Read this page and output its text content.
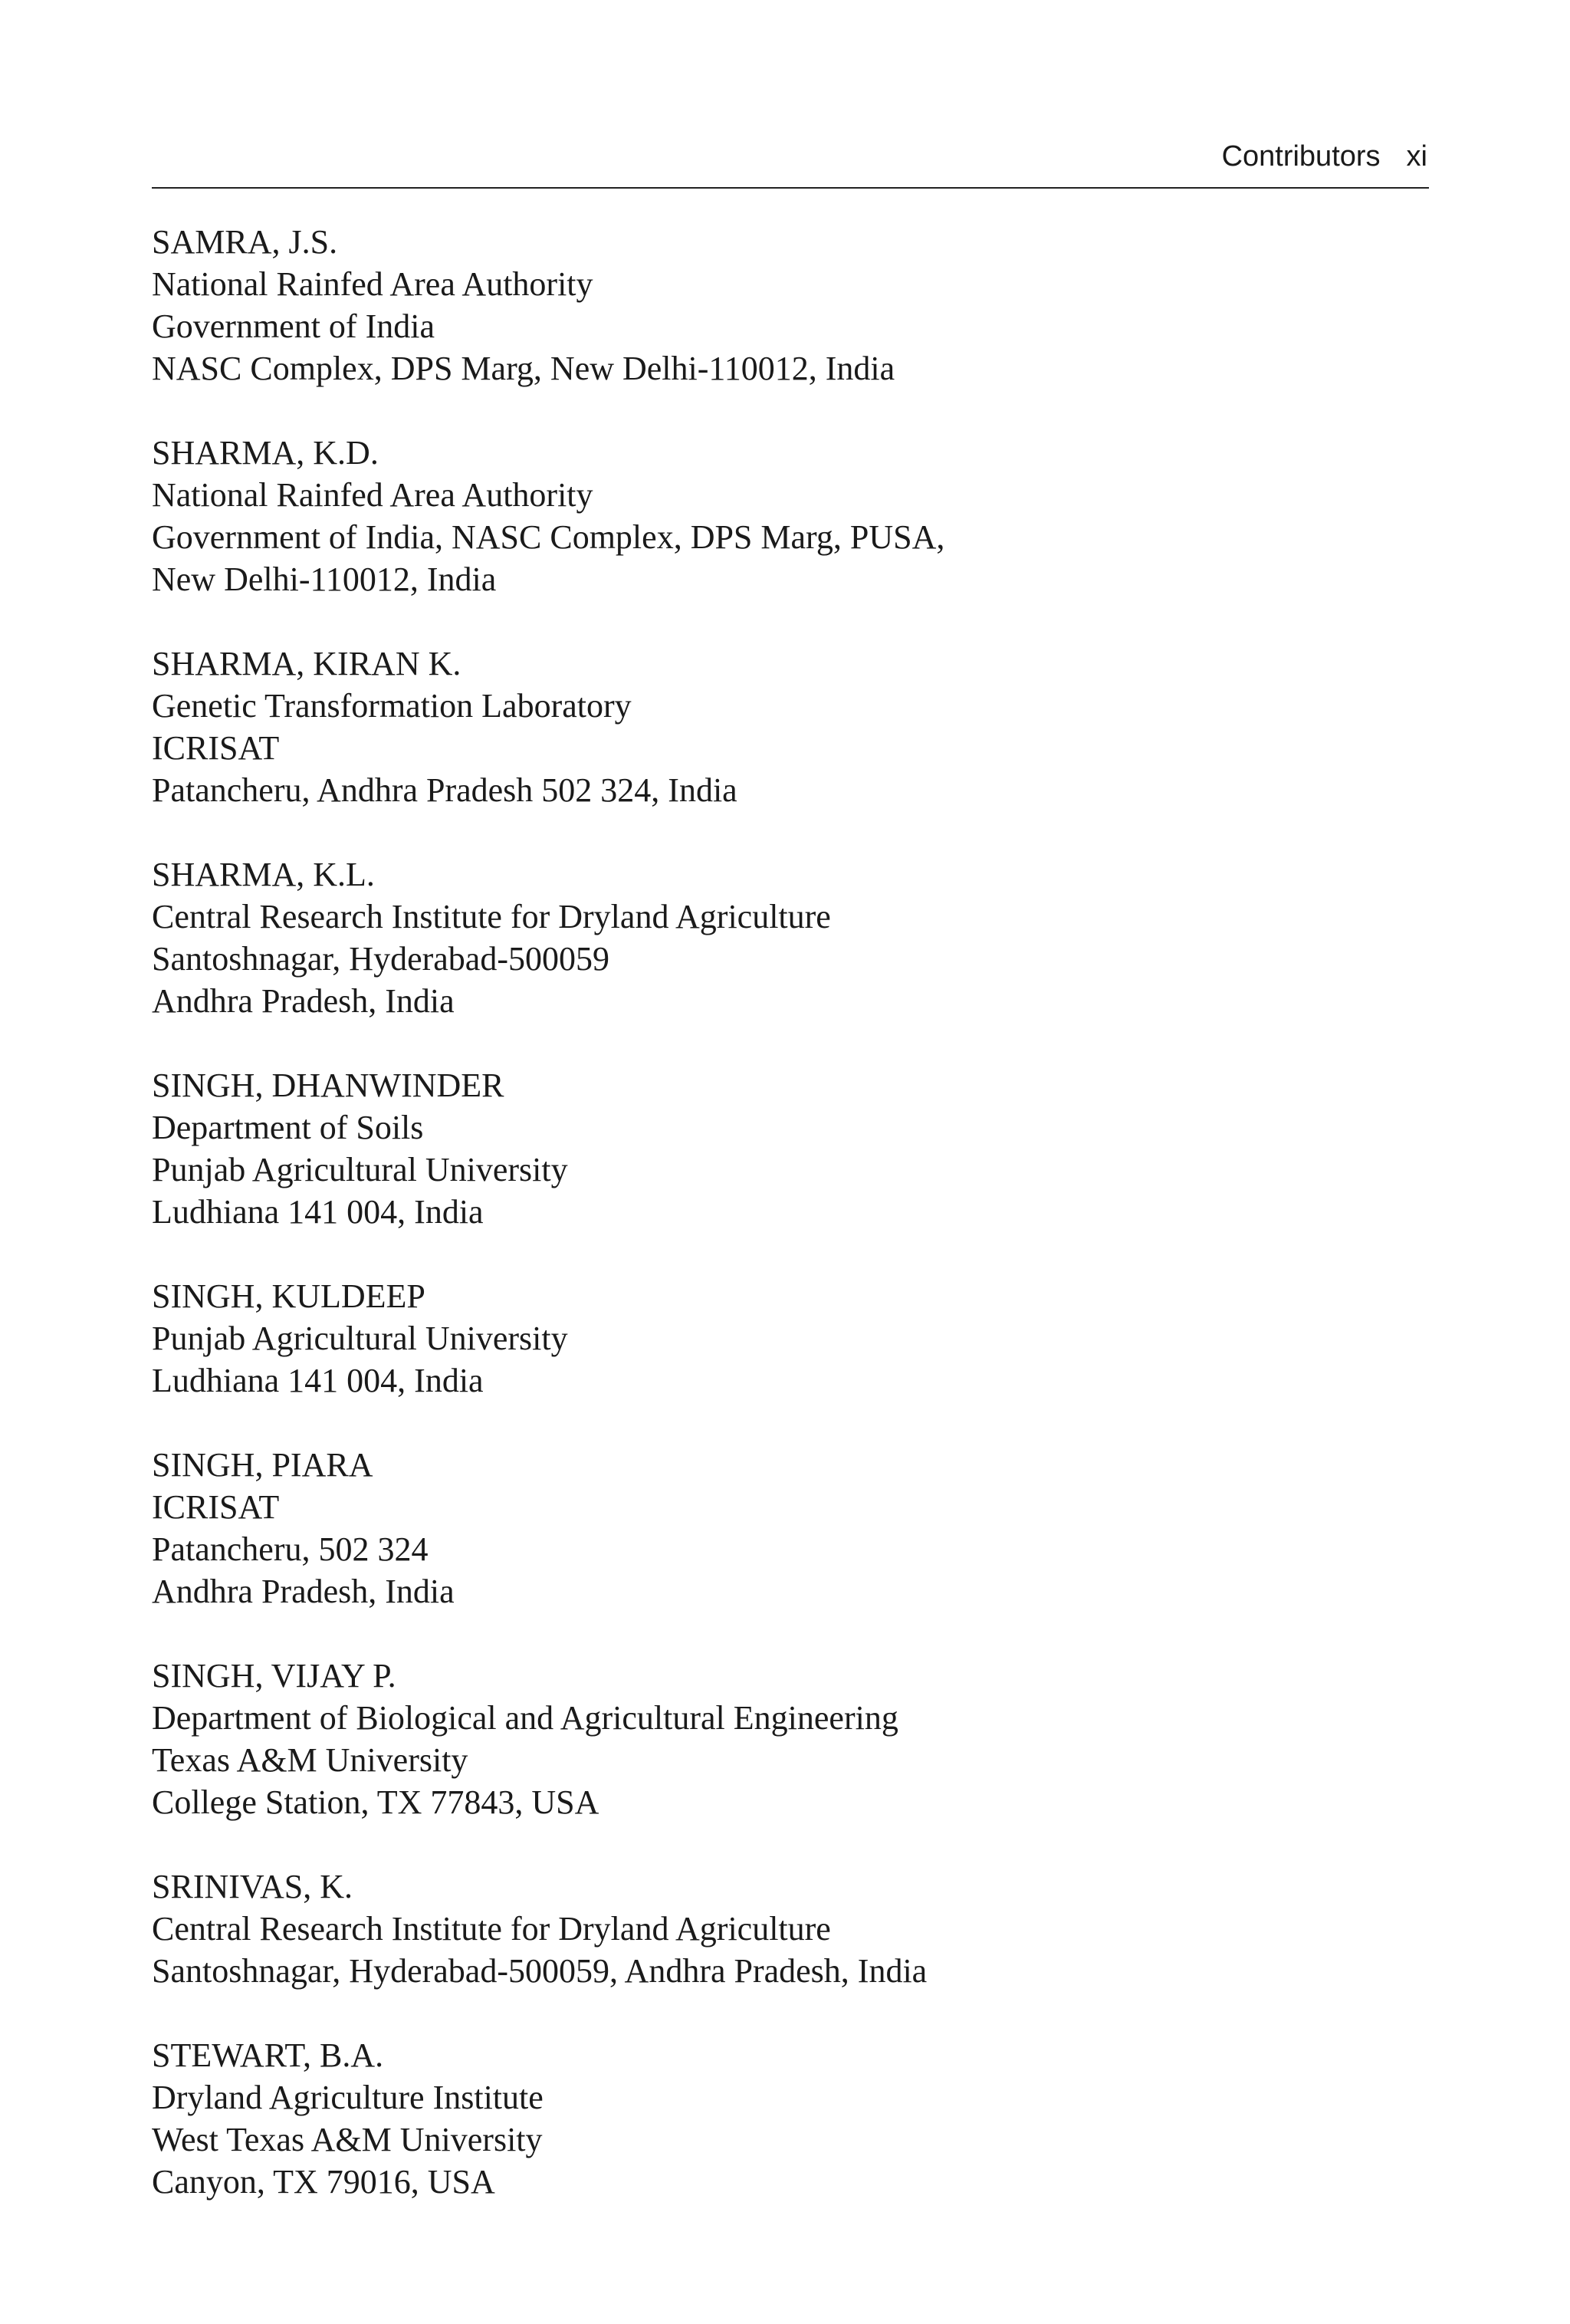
Contributors xi
SAMRA, J.S.
National Rainfed Area Authority
Government of India
NASC Complex, DPS Marg, New Delhi-110012, India
SHARMA, K.D.
National Rainfed Area Authority
Government of India, NASC Complex, DPS Marg, PUSA,
New Delhi-110012, India
SHARMA, KIRAN K.
Genetic Transformation Laboratory
ICRISAT
Patancheru, Andhra Pradesh 502 324, India
SHARMA, K.L.
Central Research Institute for Dryland Agriculture
Santoshnagar, Hyderabad-500059
Andhra Pradesh, India
SINGH, DHANWINDER
Department of Soils
Punjab Agricultural University
Ludhiana 141 004, India
SINGH, KULDEEP
Punjab Agricultural University
Ludhiana 141 004, India
SINGH, PIARA
ICRISAT
Patancheru, 502 324
Andhra Pradesh, India
SINGH, VIJAY P.
Department of Biological and Agricultural Engineering
Texas A&M University
College Station, TX 77843, USA
SRINIVAS, K.
Central Research Institute for Dryland Agriculture
Santoshnagar, Hyderabad-500059, Andhra Pradesh, India
STEWART, B.A.
Dryland Agriculture Institute
West Texas A&M University
Canyon, TX 79016, USA
